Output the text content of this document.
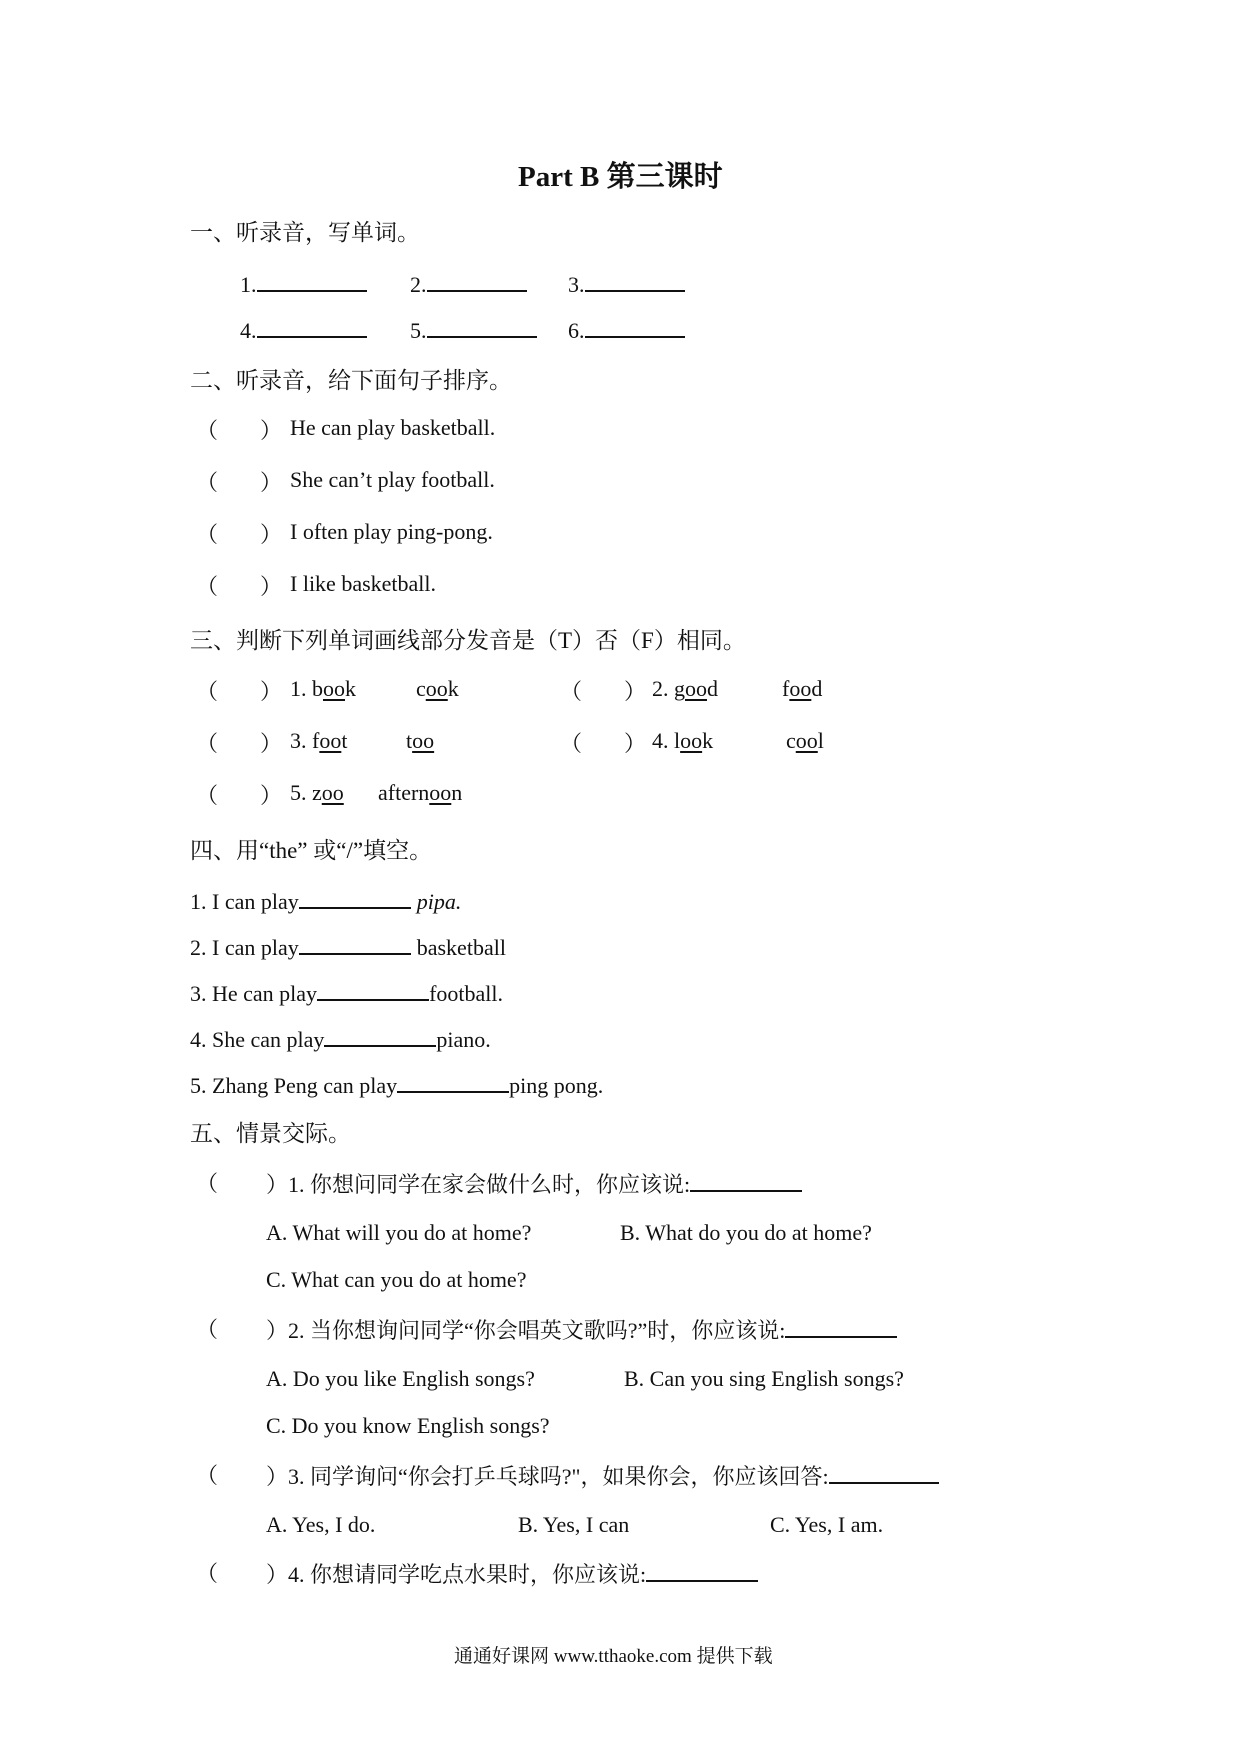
Part B 第三课时
一、听录音，写单词。
1.	2.	3.
4.	5.	6.
二、听录音，给下面句子排序。
（ ） He can play basketball.
（ ） She can’t play football.
（ ） I often play ping-pong.
（ ） I like basketball.
三、判断下列单词画线部分发音是（T）否（F）相同。
（ ） 1. book	cook	（ ） 2. good	food
（ ） 3. foot	too	（ ） 4. look	cool
（ ） 5. zoo afternoon
四、用“the” 或“/”填空。
1. I can play	pipa.
2. I can play	basketball
3. He can play	football.
4. She can play	piano.
5. Zhang Peng can play	ping pong.
五、情景交际。
（ ）1. 你想问同学在家会做什么时，你应该说:
A. What will you do at home?	B. What do you do at home?
C. What can you do at home?
（ ）2. 当你想询问同学“你会唱英文歌吗?”时，你应该说:
A. Do you like English songs?	B. Can you sing English songs?
C. Do you know English songs?
（ ）3. 同学询问“你会打乒乓球吗?"，如果你会，你应该回答:
A. Yes, I do.	B. Yes, I can	C. Yes, I am.
（ ）4. 你想请同学吃点水果时，你应该说:
通通好课网 www.tthaoke.com 提供下载
